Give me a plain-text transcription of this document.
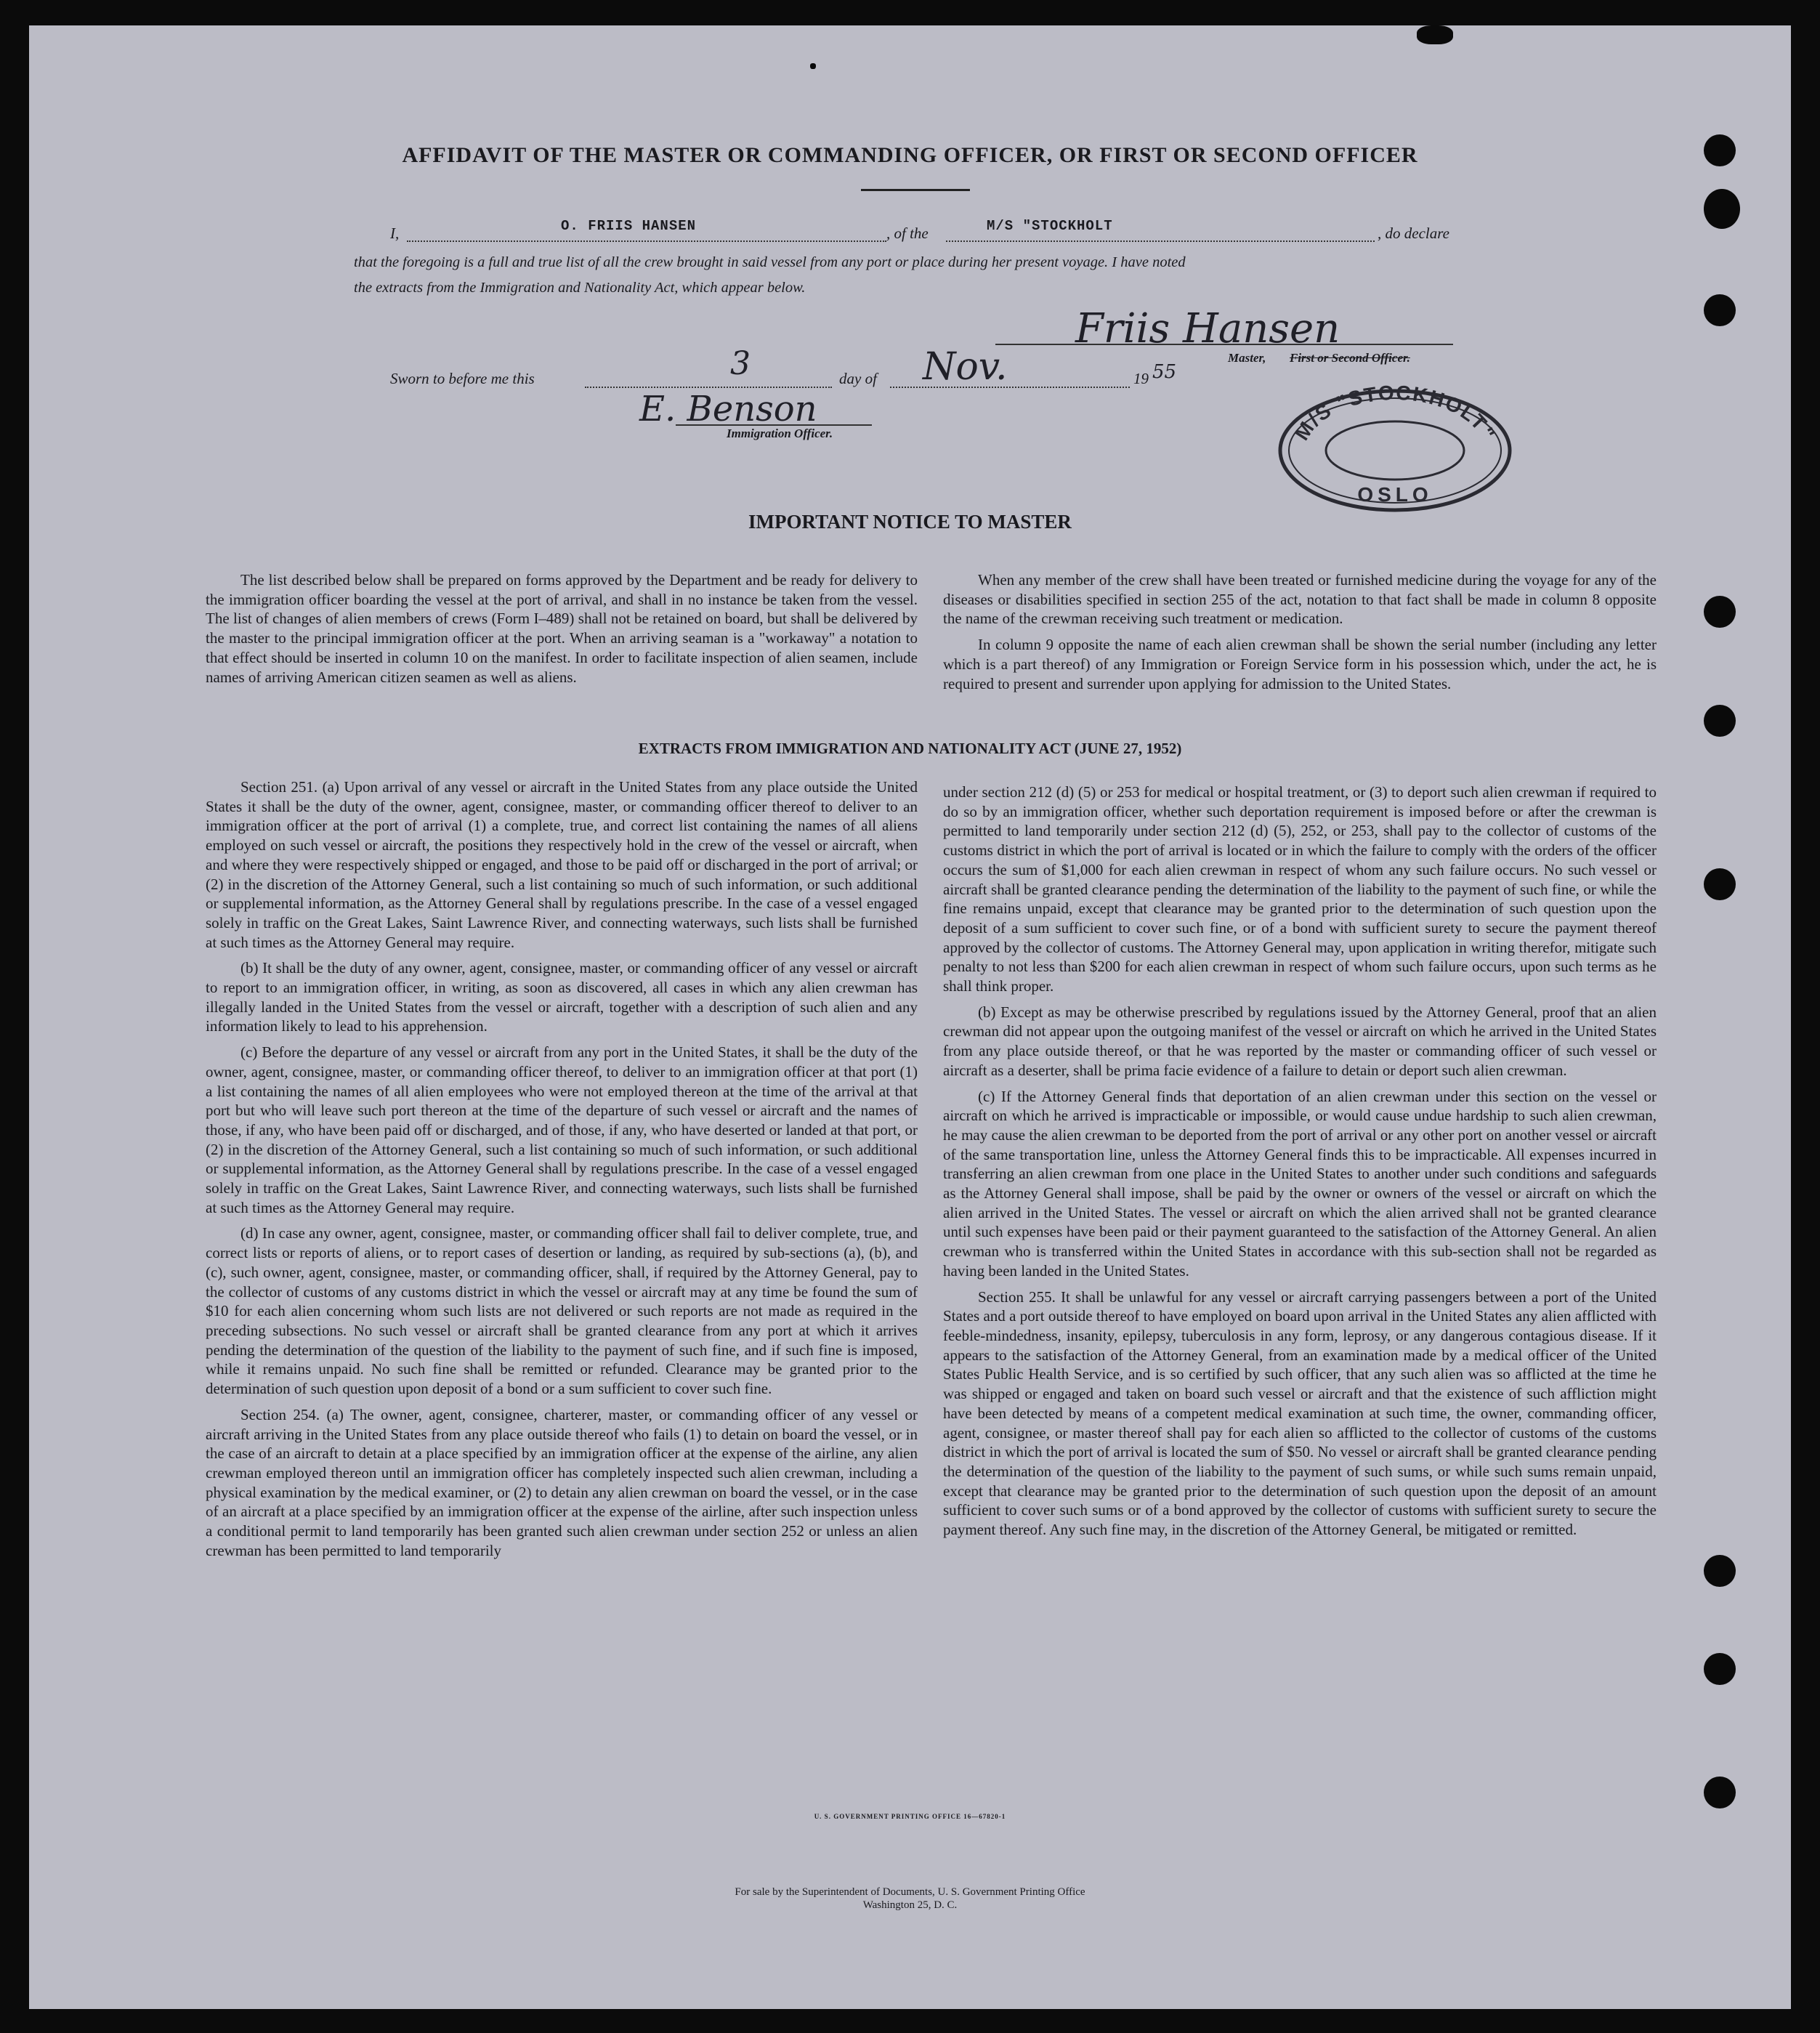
AFFIDAVIT OF THE MASTER OR COMMANDING OFFICER, OR FIRST OR SECOND OFFICER
I,	O. FRIIS HANSEN	, of the	M/S "STOCKHOLT	, do declare
that the foregoing is a full and true list of all the crew brought in said vessel from any port or place during her present voyage. I have noted
the extracts from the Immigration and Nationality Act, which appear below.
Friis Hansen
Master, First or Second Officer.
Sworn to before me this	3	day of Nov.	19 55
E. Benson
Immigration Officer.	M/S "STOCKHOLT"
OSLO
IMPORTANT NOTICE TO MASTER

The list described below shall be prepared on forms approved by the Department and be ready for delivery to the immigration officer boarding the vessel at the port of arrival, and shall in no instance be taken from the vessel. The list of changes of alien members of crews (Form I–489) shall not be retained on board, but shall be delivered by the master to the principal immigration officer at the port. When an arriving seaman is a "workaway" a notation to that effect should be inserted in column 10 on the manifest. In order to facilitate inspection of alien seamen, include names of arriving American citizen seamen as well as aliens.

When any member of the crew shall have been treated or furnished medicine during the voyage for any of the diseases or disabilities specified in section 255 of the act, notation to that fact shall be made in column 8 opposite the name of the crewman receiving such treatment or medication.

In column 9 opposite the name of each alien crewman shall be shown the serial number (including any letter which is a part thereof) of any Immigration or Foreign Service form in his possession which, under the act, he is required to present and surrender upon applying for admission to the United States.

EXTRACTS FROM IMMIGRATION AND NATIONALITY ACT (JUNE 27, 1952)

Section 251. (a) Upon arrival of any vessel or aircraft in the United States from any place outside the United States it shall be the duty of the owner, agent, consignee, master, or commanding officer thereof to deliver to an immigration officer at the port of arrival (1) a complete, true, and correct list containing the names of all aliens employed on such vessel or aircraft, the positions they respectively hold in the crew of the vessel or aircraft, when and where they were respectively shipped or engaged, and those to be paid off or discharged in the port of arrival; or (2) in the discretion of the Attorney General, such a list containing so much of such information, or such additional or supplemental information, as the Attorney General shall by regulations prescribe. In the case of a vessel engaged solely in traffic on the Great Lakes, Saint Lawrence River, and connecting waterways, such lists shall be furnished at such times as the Attorney General may require.

(b) It shall be the duty of any owner, agent, consignee, master, or commanding officer of any vessel or aircraft to report to an immigration officer, in writing, as soon as discovered, all cases in which any alien crewman has illegally landed in the United States from the vessel or aircraft, together with a description of such alien and any information likely to lead to his apprehension.

(c) Before the departure of any vessel or aircraft from any port in the United States, it shall be the duty of the owner, agent, consignee, master, or commanding officer thereof, to deliver to an immigration officer at that port (1) a list containing the names of all alien employees who were not employed thereon at the time of the arrival at that port but who will leave such port thereon at the time of the departure of such vessel or aircraft and the names of those, if any, who have been paid off or discharged, and of those, if any, who have deserted or landed at that port, or (2) in the discretion of the Attorney General, such a list containing so much of such information, or such additional or supplemental information, as the Attorney General shall by regulations prescribe. In the case of a vessel engaged solely in traffic on the Great Lakes, Saint Lawrence River, and connecting waterways, such lists shall be furnished at such times as the Attorney General may require.

(d) In case any owner, agent, consignee, master, or commanding officer shall fail to deliver complete, true, and correct lists or reports of aliens, or to report cases of desertion or landing, as required by sub-sections (a), (b), and (c), such owner, agent, consignee, master, or commanding officer, shall, if required by the Attorney General, pay to the collector of customs of any customs district in which the vessel or aircraft may at any time be found the sum of $10 for each alien concerning whom such lists are not delivered or such reports are not made as required in the preceding subsections. No such vessel or aircraft shall be granted clearance from any port at which it arrives pending the determination of the question of the liability to the payment of such fine, and if such fine is imposed, while it remains unpaid. No such fine shall be remitted or refunded. Clearance may be granted prior to the determination of such question upon deposit of a bond or a sum sufficient to cover such fine.

Section 254. (a) The owner, agent, consignee, charterer, master, or commanding officer of any vessel or aircraft arriving in the United States from any place outside thereof who fails (1) to detain on board the vessel, or in the case of an aircraft to detain at a place specified by an immigration officer at the expense of the airline, any alien crewman employed thereon until an immigration officer has completely inspected such alien crewman, including a physical examination by the medical examiner, or (2) to detain any alien crewman on board the vessel, or in the case of an aircraft at a place specified by an immigration officer at the expense of the airline, after such inspection unless a conditional permit to land temporarily has been granted such alien crewman under section 252 or unless an alien crewman has been permitted to land temporarily

under section 212 (d) (5) or 253 for medical or hospital treatment, or (3) to deport such alien crewman if required to do so by an immigration officer, whether such deportation requirement is imposed before or after the crewman is permitted to land temporarily under section 212 (d) (5), 252, or 253, shall pay to the collector of customs of the customs district in which the port of arrival is located or in which the failure to comply with the orders of the officer occurs the sum of $1,000 for each alien crewman in respect of whom any such failure occurs. No such vessel or aircraft shall be granted clearance pending the determination of the liability to the payment of such fine, or while the fine remains unpaid, except that clearance may be granted prior to the determination of such question upon the deposit of a sum sufficient to cover such fine, or of a bond with sufficient surety to secure the payment thereof approved by the collector of customs. The Attorney General may, upon application in writing therefor, mitigate such penalty to not less than $200 for each alien crewman in respect of whom such failure occurs, upon such terms as he shall think proper.

(b) Except as may be otherwise prescribed by regulations issued by the Attorney General, proof that an alien crewman did not appear upon the outgoing manifest of the vessel or aircraft on which he arrived in the United States from any place outside thereof, or that he was reported by the master or commanding officer of such vessel or aircraft as a deserter, shall be prima facie evidence of a failure to detain or deport such alien crewman.

(c) If the Attorney General finds that deportation of an alien crewman under this section on the vessel or aircraft on which he arrived is impracticable or impossible, or would cause undue hardship to such alien crewman, he may cause the alien crewman to be deported from the port of arrival or any other port on another vessel or aircraft of the same transportation line, unless the Attorney General finds this to be impracticable. All expenses incurred in transferring an alien crewman from one place in the United States to another under such conditions and safeguards as the Attorney General shall impose, shall be paid by the owner or owners of the vessel or aircraft on which the alien arrived in the United States. The vessel or aircraft on which the alien arrived shall not be granted clearance until such expenses have been paid or their payment guaranteed to the satisfaction of the Attorney General. An alien crewman who is transferred within the United States in accordance with this sub-section shall not be regarded as having been landed in the United States.

Section 255. It shall be unlawful for any vessel or aircraft carrying passengers between a port of the United States and a port outside thereof to have employed on board upon arrival in the United States any alien afflicted with feeble-mindedness, insanity, epilepsy, tuberculosis in any form, leprosy, or any dangerous contagious disease. If it appears to the satisfaction of the Attorney General, from an examination made by a medical officer of the United States Public Health Service, and is so certified by such officer, that any such alien was so afflicted at the time he was shipped or engaged and taken on board such vessel or aircraft and that the existence of such affliction might have been detected by means of a competent medical examination at such time, the owner, commanding officer, agent, consignee, or master thereof shall pay for each alien so afflicted to the collector of customs of the customs district in which the port of arrival is located the sum of $50. No vessel or aircraft shall be granted clearance pending the determination of the question of the liability to the payment of such sums, or while such sums remain unpaid, except that clearance may be granted prior to the determination of such question upon the deposit of an amount sufficient to cover such sums or of a bond approved by the collector of customs with sufficient surety to secure the payment thereof. Any such fine may, in the discretion of the Attorney General, be mitigated or remitted.

U. S. GOVERNMENT PRINTING OFFICE 16—67820-1
For sale by the Superintendent of Documents, U. S. Government Printing Office
Washington 25, D. C.
